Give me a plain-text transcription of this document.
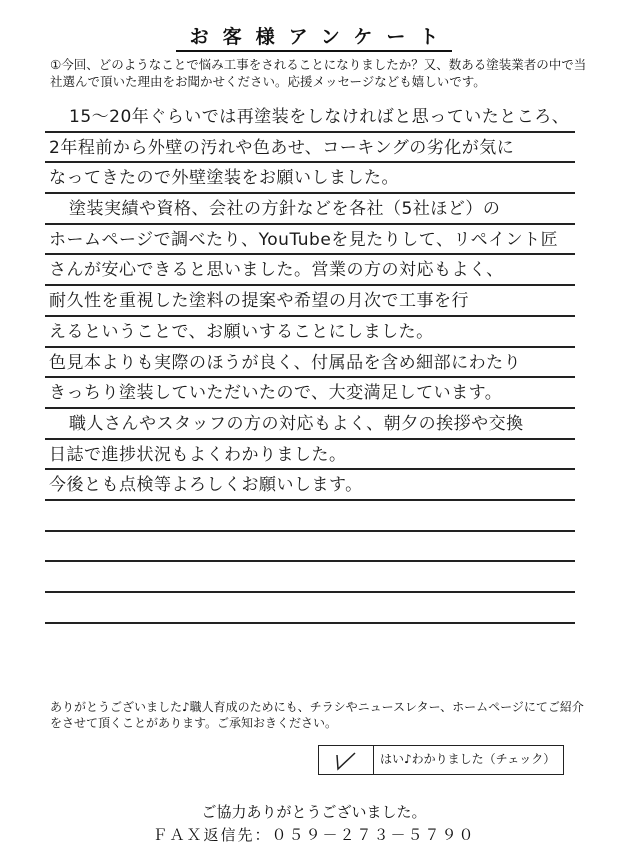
お客様アンケート
①今回、どのようなことで悩み工事をされることになりましたか？又、数ある塗装業者の中で当社選んで頂いた理由をお聞かせください。応援メッセージなども嬉しいです。
15～20年ぐらいでは再塗装をしなければと思っていたところ、
2年程前から外壁の汚れや色あせ、コーキングの劣化が気に
なってきたので外壁塗装をお願いしました。
塗装実績や資格、会社の方針などを各社（5社ほど）の
ホームページで調べたり、YouTubeを見たりして、リペイント匠
さんが安心できると思いました。営業の方の対応もよく、
耐久性を重視した塗料の提案や希望の月次で工事を行
えるということで、お願いすることにしました。
色見本よりも実際のほうが良く、付属品を含め細部にわたり
きっちり塗装していただいたので、大変満足しています。
職人さんやスタッフの方の対応もよく、朝夕の挨拶や交換
日誌で進捗状況もよくわかりました。
今後とも点検等よろしくお願いします。
ありがとうございました♪職人育成のためにも、チラシやニュースレター、ホームページにてご紹介をさせて頂くことがあります。ご承知おきください。
はい♪わかりました（チェック）
ご協力ありがとうございました。
ＦＡＸ返信先：０５９－２７３－５７９０
